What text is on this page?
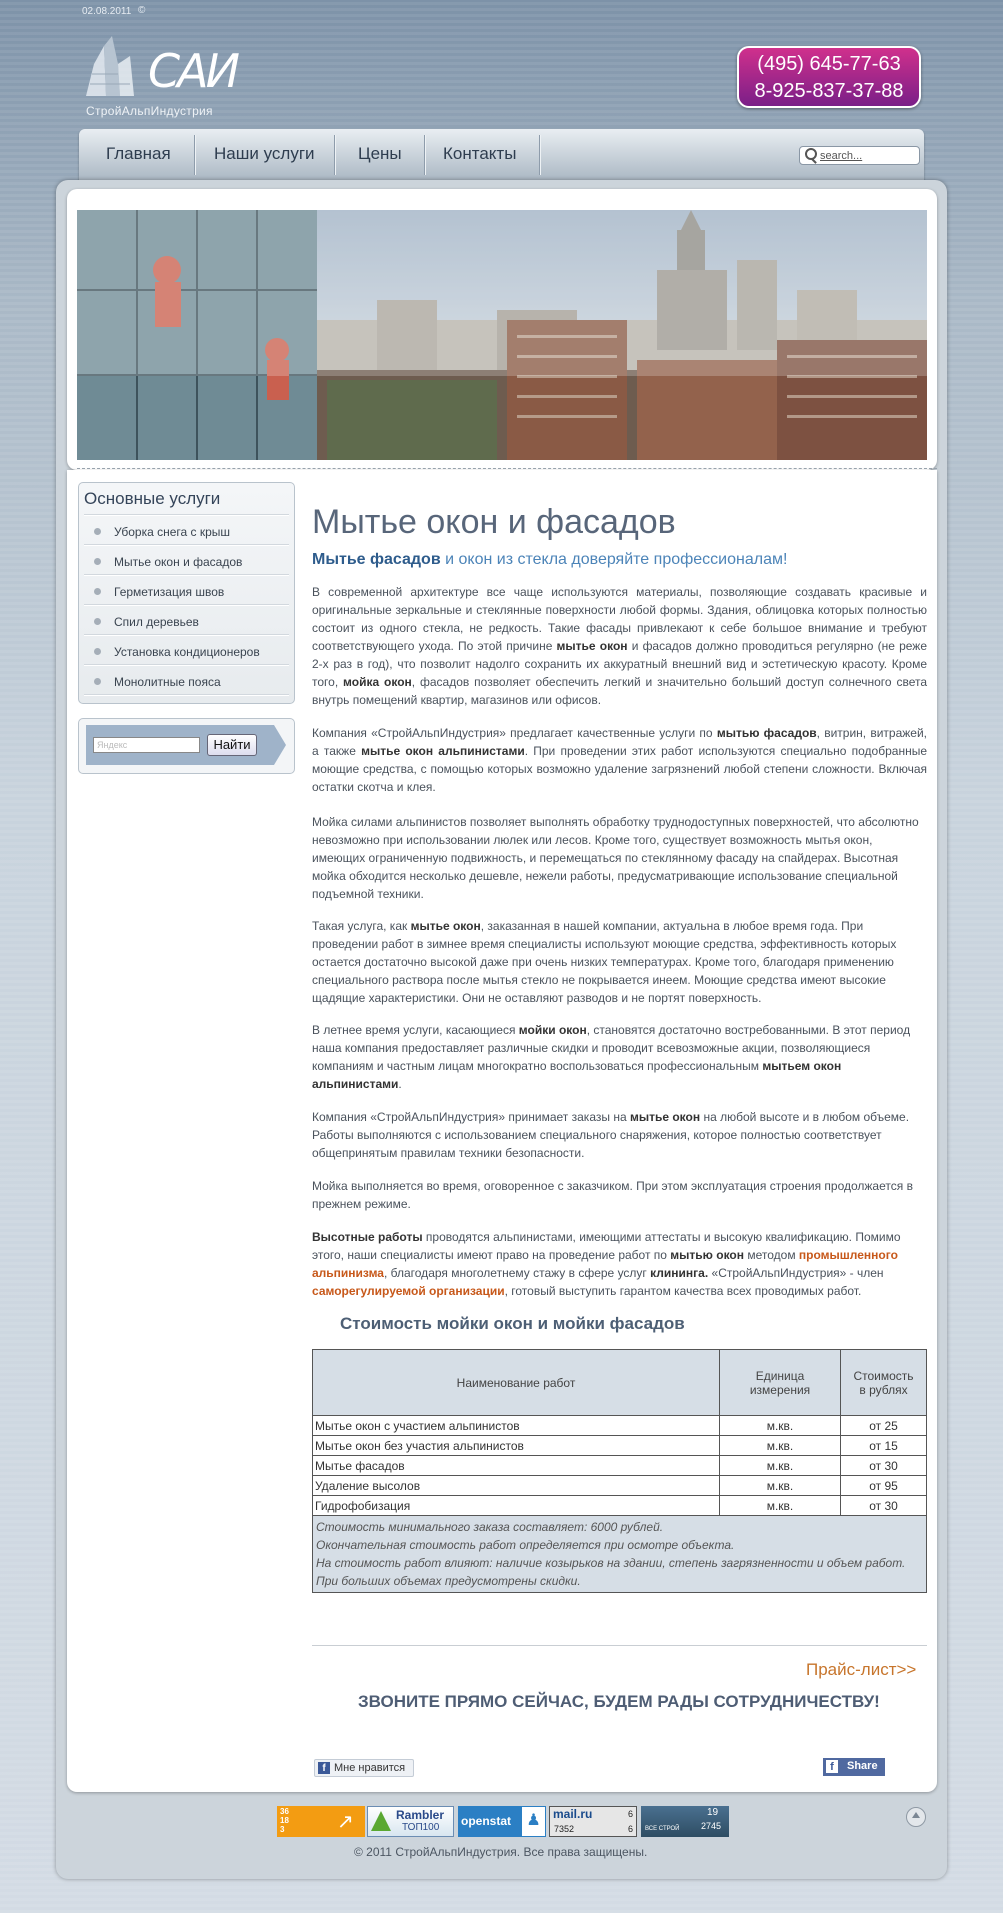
02.08.2011 ©
САИ
СтройАльпИндустрия
(495) 645-77-63
8-925-837-37-88
Главная	Наши услуги	Цены Контакты	search...
Основные услуги
Уборка снега с крыш
Мытье окон и фасадов
Герметизация швов
Спил деревьев
Установка кондиционеров
Монолитные пояса
Яндекс	Найти
Мытье окон и фасадов
Мытье фасадов и окон из стекла доверяйте профессионалам!
В современной архитектуре все чаще используются материалы, позволяющие создавать красивые и оригинальные зеркальные и стеклянные поверхности любой формы. Здания, облицовка которых полностью состоит из одного стекла, не редкость. Такие фасады привлекают к себе большое внимание и требуют соответствующего ухода. По этой причине мытье окон и фасадов должно проводиться регулярно (не реже 2-х раз в год), что позволит надолго сохранить их аккуратный внешний вид и эстетическую красоту. Кроме того, мойка окон, фасадов позволяет обеспечить легкий и значительно больший доступ солнечного света внутрь помещений квартир, магазинов или офисов.
Компания «СтройАльпИндустрия» предлагает качественные услуги по мытью фасадов, витрин, витражей, а также мытье окон альпинистами. При проведении этих работ используются специально подобранные моющие средства, с помощью которых возможно удаление загрязнений любой степени сложности. Включая остатки скотча и клея.
Мойка силами альпинистов позволяет выполнять обработку труднодоступных поверхностей, что абсолютно невозможно при использовании люлек или лесов. Кроме того, существует возможность мытья окон, имеющих ограниченную подвижность, и перемещаться по стеклянному фасаду на спайдерах. Высотная мойка обходится несколько дешевле, нежели работы, предусматривающие использование специальной подъемной техники.
Такая услуга, как мытье окон, заказанная в нашей компании, актуальна в любое время года. При проведении работ в зимнее время специалисты используют моющие средства, эффективность которых остается достаточно высокой даже при очень низких температурах. Кроме того, благодаря применению специального раствора после мытья стекло не покрывается инеем. Моющие средства имеют высокие щадящие характеристики. Они не оставляют разводов и не портят поверхность.
В летнее время услуги, касающиеся мойки окон, становятся достаточно востребованными. В этот период наша компания предоставляет различные скидки и проводит всевозможные акции, позволяющиеся компаниям и частным лицам многократно воспользоваться профессиональным мытьем окон альпинистами.
Компания «СтройАльпИндустрия» принимает заказы на мытье окон на любой высоте и в любом объеме. Работы выполняются с использованием специального снаряжения, которое полностью соответствует общепринятым правилам техники безопасности.
Мойка выполняется во время, оговоренное с заказчиком. При этом эксплуатация строения продолжается в прежнем режиме.
Высотные работы проводятся альпинистами, имеющими аттестаты и высокую квалификацию. Помимо этого, наши специалисты имеют право на проведение работ по мытью окон методом промышленного альпинизма, благодаря многолетнему стажу в сфере услуг клининга. «СтройАльпИндустрия» - член саморегулируемой организации, готовый выступить гарантом качества всех проводимых работ.
Стоимость мойки окон и мойки фасадов
Наименование работ	Единица измерения	Стоимость в рублях
Мытье окон с участием альпинистов	м.кв.	от 25
Мытье окон без участия альпинистов	м.кв.	от 15
Мытье фасадов	м.кв.	от 30
Удаление высолов	м.кв.	от 95
Гидрофобизация	м.кв.	от 30

Стоимость минимального заказа составляет: 6000 рублей.
Окончательная стоимость работ определяется при осмотре объекта.
На стоимость работ влияют: наличие козырьков на здании, степень загрязненности и объем работ.
При больших объемах предусмотрены скидки.		
Прайс-лист>>
ЗВОНИТЕ ПРЯМО СЕЙЧАС, БУДЕМ РАДЫ СОТРУДНИЧЕСТВУ!
f Мне нравится	f	Share
36
18
3	↗	Rambler
ТОП100 openstat ♟	mail.ru	6
7352	6
19
2745
ВСЕ СТРОЙ
© 2011 СтройАльпИндустрия. Все права защищены.
